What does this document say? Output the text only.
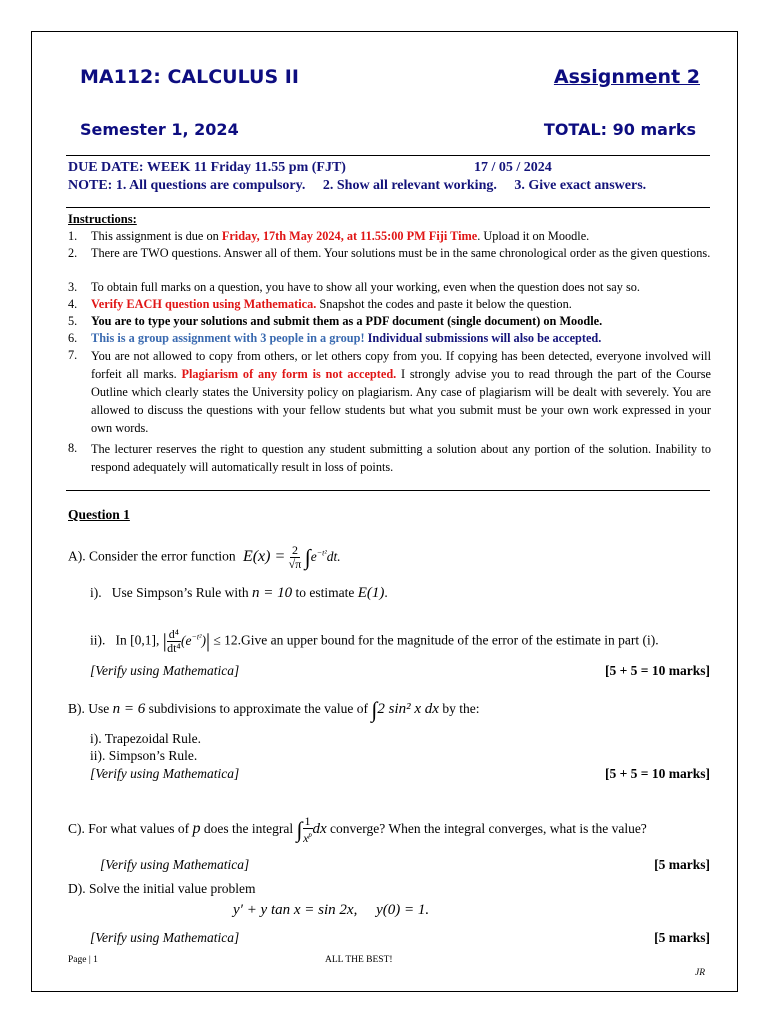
MA112: CALCULUS II	Assignment 2
Semester 1, 2024	TOTAL: 90 marks
DUE DATE: WEEK 11 Friday 11.55 pm (FJT)	17 / 05 / 2024
NOTE: 1. All questions are compulsory.     2. Show all relevant working.     3. Give exact answers.
Instructions:
1. This assignment is due on Friday, 17th May 2024, at 11.55:00 PM Fiji Time. Upload it on Moodle.
2. There are TWO questions. Answer all of them. Your solutions must be in the same chronological order as the given questions.
3. To obtain full marks on a question, you have to show all your working, even when the question does not say so.
4. Verify EACH question using Mathematica. Snapshot the codes and paste it below the question.
5. You are to type your solutions and submit them as a PDF document (single document) on Moodle.
6. This is a group assignment with 3 people in a group! Individual submissions will also be accepted.
7. You are not allowed to copy from others, or let others copy from you. If copying has been detected, everyone involved will forfeit all marks. Plagiarism of any form is not accepted. I strongly advise you to read through the part of the Course Outline which clearly states the University policy on plagiarism. Any case of plagiarism will be dealt with severely. You are allowed to discuss the questions with your fellow students but what you submit must be your own work expressed in your own words.
8. The lecturer reserves the right to question any student submitting a solution about any portion of the solution. Inability to respond adequately will automatically result in loss of points.
Question 1
A). Consider the error function $E(x) = \frac{2}{√\pi} \int e^{-t^2}dt$.
i). Use Simpson’s Rule with n = 10 to estimate E(1).
ii). In [0,1], | $\frac{\text{d⁴}}{\text{dt⁴}} (e^{-t^2})|$ ≤ 12.Give an upper bound for the magnitude of the error of the estimate in part (i).
[Verify using Mathematica]	[5 + 5 = 10 marks]
B). Use n = 6 subdivisions to approximate the value of ∫2 sin² x dx by the:
i). Trapezoidal Rule.
ii). Simpson’s Rule.
[Verify using Mathematica]	[5 + 5 = 10 marks]
C). For what values of p does the integral ∫ $\frac{1}{x^p}$ dx converge? When the integral converges, what is the value?
[Verify using Mathematica]	[5 marks]
D). Solve the initial value problem
y′ + y tan x = sin 2x,     y(0) = 1.
[Verify using Mathematica]	[5 marks]
Page | 1	ALL THE BEST!
JR
